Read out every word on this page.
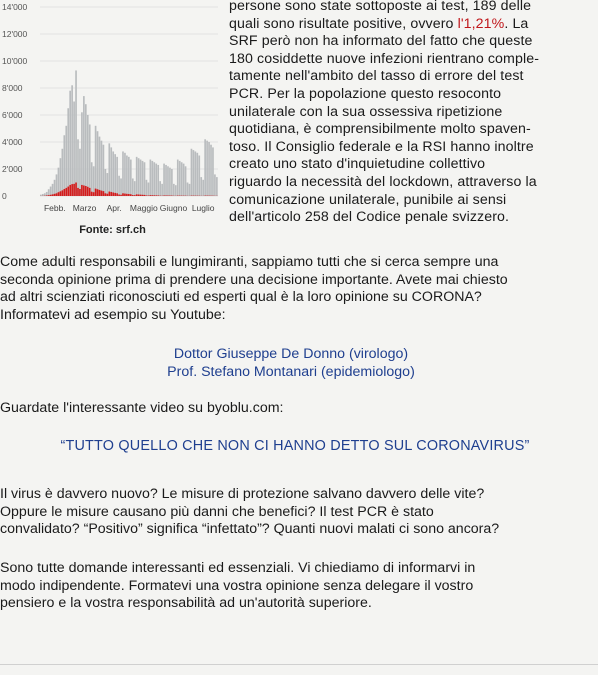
14'000
12'000
10'000
8'000
6'000
4'000
2'000
0
Febb. Marzo Apr. Maggio Giugno Luglio
Fonte: srf.ch

persone sono state sottoposte ai test, 189 delle

quali sono risultate positive, ovvero l'1,21%. La

SRF però non ha informato del fatto che queste

180 cosiddette nuove infezioni rientrano comple-

tamente nell'ambito del tasso di errore del test

PCR. Per la popolazione questo resoconto

unilaterale con la sua ossessiva ripetizione

quotidiana, è comprensibilmente molto spaven-

toso. Il Consiglio federale e la RSI hanno inoltre

creato uno stato d'inquietudine collettivo

riguardo la necessità del lockdown, attraverso la

comunicazione unilaterale, punibile ai sensi

dell'articolo 258 del Codice penale svizzero.

Come adulti responsabili e lungimiranti, sappiamo tutti che si cerca sempre una

seconda opinione prima di prendere una decisione importante. Avete mai chiesto

ad altri scienziati riconosciuti ed esperti qual è la loro opinione su CORONA?

Informatevi ad esempio su Youtube:

Dottor Giuseppe De Donno (virologo)

Prof. Stefano Montanari (epidemiologo)

Guardate l'interessante video su byoblu.com:

“TUTTO QUELLO CHE NON CI HANNO DETTO SUL CORONAVIRUS”

Il virus è davvero nuovo? Le misure di protezione salvano davvero delle vite?

Oppure le misure causano più danni che benefici? Il test PCR è stato

convalidato? “Positivo” significa “infettato”? Quanti nuovi malati ci sono ancora?

Sono tutte domande interessanti ed essenziali. Vi chiediamo di informarvi in

modo indipendente. Formatevi una vostra opinione senza delegare il vostro

pensiero e la vostra responsabilità ad un'autorità superiore.
